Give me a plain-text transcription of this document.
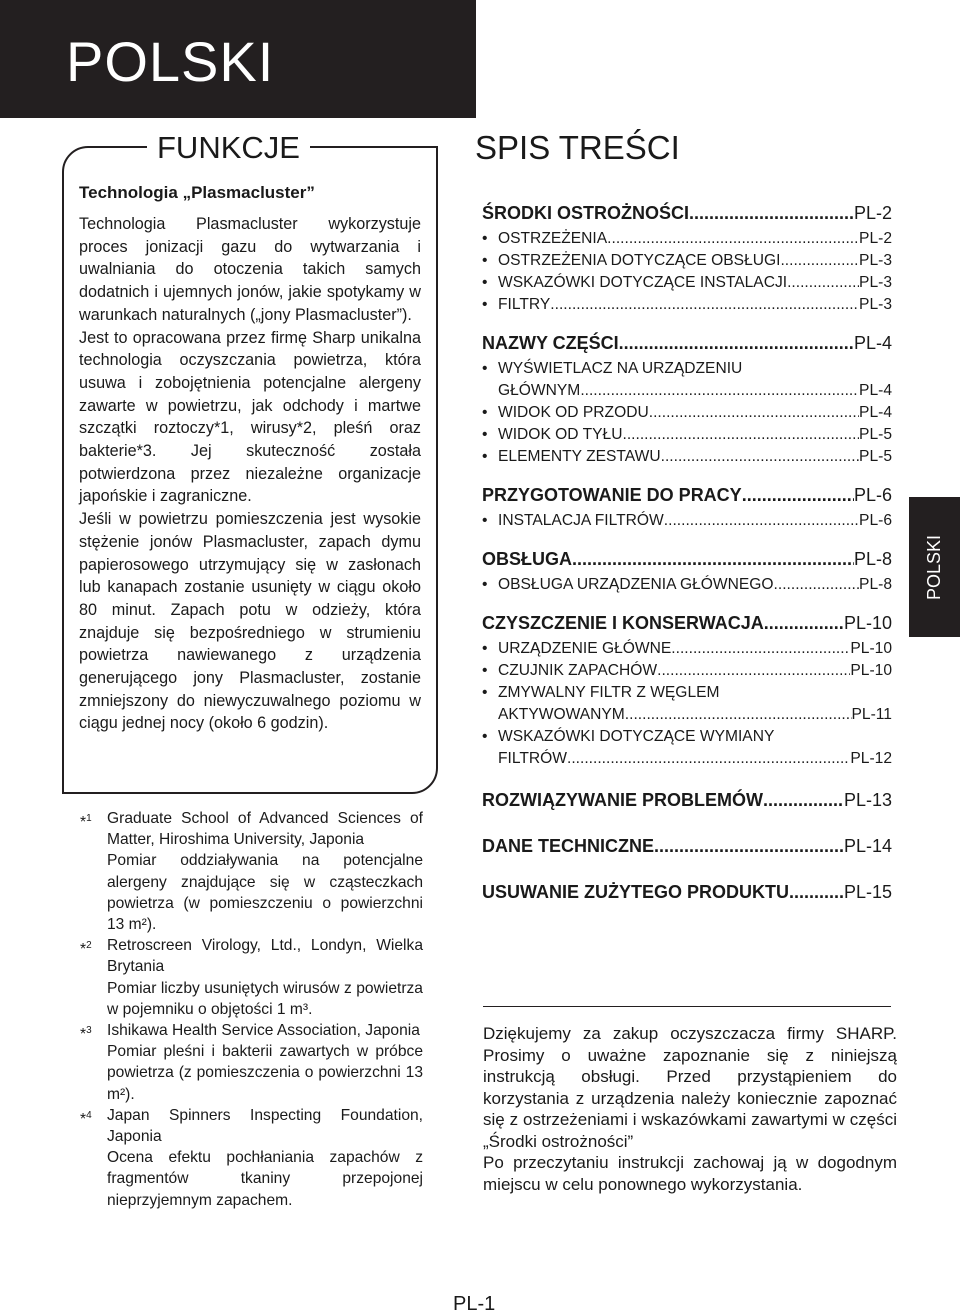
POLSKI
FUNKCJE
Technologia „Plasmacluster”

Technologia Plasmacluster wykorzystuje proces jonizacji gazu do wytwarzania i uwalniania do otoczenia takich samych dodatnich i ujemnych jonów, jakie spotykamy w warunkach naturalnych („jony Plasmacluster”).

Jest to opracowana przez firmę Sharp unikalna technologia oczyszczania powietrza, która usuwa i zobojętnienia potencjalne alergeny zawarte w powietrzu, jak odchody i martwe szczątki roztoczy*1, wirusy*2, pleśń oraz bakterie*3. Jej skuteczność została potwierdzona przez niezależne organizacje japońskie i zagraniczne.

Jeśli w powietrzu pomieszczenia jest wysokie stężenie jonów Plasmacluster, zapach dymu papierosowego utrzymujący się w zasłonach lub kanapach zostanie usunięty w ciągu około 80 minut. Zapach potu w odzieży, która znajduje się bezpośredniego w strumieniu powietrza nawiewanego z urządzenia generującego jony Plasmacluster, zostanie zmniejszony do niewyczuwalnego poziomu w ciągu jednej nocy (około 6 godzin).

*$^1$ Graduate School of Advanced Sciences of Matter, Hiroshima University, Japonia

Pomiar oddziaływania na potencjalne alergeny znajdujące się w cząsteczkach powietrza (w pomieszczeniu o powierzchni 13 m²).

*$^2$ Retroscreen Virology, Ltd., Londyn, Wielka Brytania

Pomiar liczby usuniętych wirusów z powietrza w pojemniku o objętości 1 m³.

*$^3$ Ishikawa Health Service Association, Japonia

Pomiar pleśni i bakterii zawartych w próbce powietrza (z pomieszczenia o powierzchni 13 m²).

*$^4$ Japan Spinners Inspecting Foundation, Japonia

Ocena efektu pochłaniania zapachów z fragmentów tkaniny przepojonej nieprzyjemnym zapachem.

SPIS TREŚCI
ŚRODKI OSTROŻNOŚCI .....	PL-2
• OSTRZEŻENIA .....	PL-2
• OSTRZEŻENIA DOTYCZĄCE OBSŁUGI .....	PL-3
• WSKAZÓWKI DOTYCZĄCE INSTALACJI .....	PL-3
• FILTRY .....	PL-3
NAZWY CZĘŚCI .....	PL-4
• WYŚWIETLACZ NA URZĄDZENIU
GŁÓWNYM .....	PL-4
• WIDOK OD PRZODU .....	PL-4
• WIDOK OD TYŁU .....	PL-5
• ELEMENTY ZESTAWU .....	PL-5
PRZYGOTOWANIE DO PRACY .....	PL-6
• INSTALACJA FILTRÓW .....	PL-6
OBSŁUGA .....	PL-8
• OBSŁUGA URZĄDZENIA GŁÓWNEGO .....	PL-8
CZYSZCZENIE I KONSERWACJA .....	PL-10
• URZĄDZENIE GŁÓWNE .....	PL-10
• CZUJNIK ZAPACHÓW .....	PL-10
• ZMYWALNY FILTR Z WĘGLEM
AKTYWOWANYM .....	PL-11
• WSKAZÓWKI DOTYCZĄCE WYMIANY
FILTRÓW .....	PL-12
ROZWIĄZYWANIE PROBLEMÓW .....	PL-13
DANE TECHNICZNE .....	PL-14
USUWANIE ZUŻYTEGO PRODUKTU .....	PL-15
POLSKI

Dziękujemy za zakup oczyszczacza firmy SHARP. Prosimy o uważne zapoznanie się z niniejszą instrukcją obsługi. Przed przystąpieniem do korzystania z urządzenia należy koniecznie zapoznać się z ostrzeżeniami i wskazówkami zawartymi w części „Środki ostrożności”

Po przeczytaniu instrukcji zachowaj ją w dogodnym miejscu w celu ponownego wykorzystania.

PL-1
